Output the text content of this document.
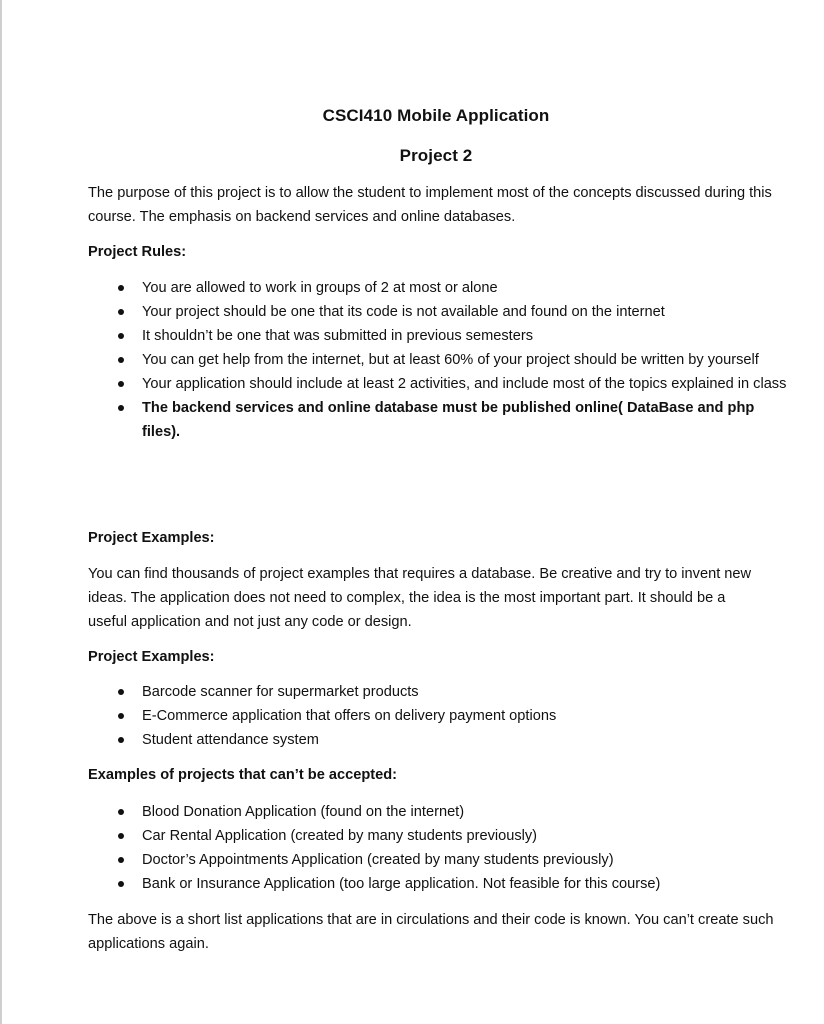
CSCI410 Mobile Application
Project 2
The purpose of this project is to allow the student to implement most of the concepts discussed during this course. The emphasis on backend services and online databases.
Project Rules:
You are allowed to work in groups of 2 at most or alone
Your project should be one that its code is not available and found on the internet
It shouldn’t be one that was submitted in previous semesters
You can get help from the internet, but at least 60% of your project should be written by yourself
Your application should include at least 2 activities, and include most of the topics explained in class
The backend services and online database must be published online( DataBase and php files).
Project Examples:
You can find thousands of project examples that requires a database. Be creative and try to invent new ideas. The application does not need to complex, the idea is the most important part. It should be a useful application and not just any code or design.
Project Examples:
Barcode scanner for supermarket products
E-Commerce application that offers on delivery payment options
Student attendance system
Examples of projects that can’t be accepted:
Blood Donation Application (found on the internet)
Car Rental Application (created by many students previously)
Doctor’s Appointments Application (created by many students previously)
Bank or Insurance Application (too large application. Not feasible for this course)
The above is a short list applications that are in circulations and their code is known. You can’t create such applications again.
